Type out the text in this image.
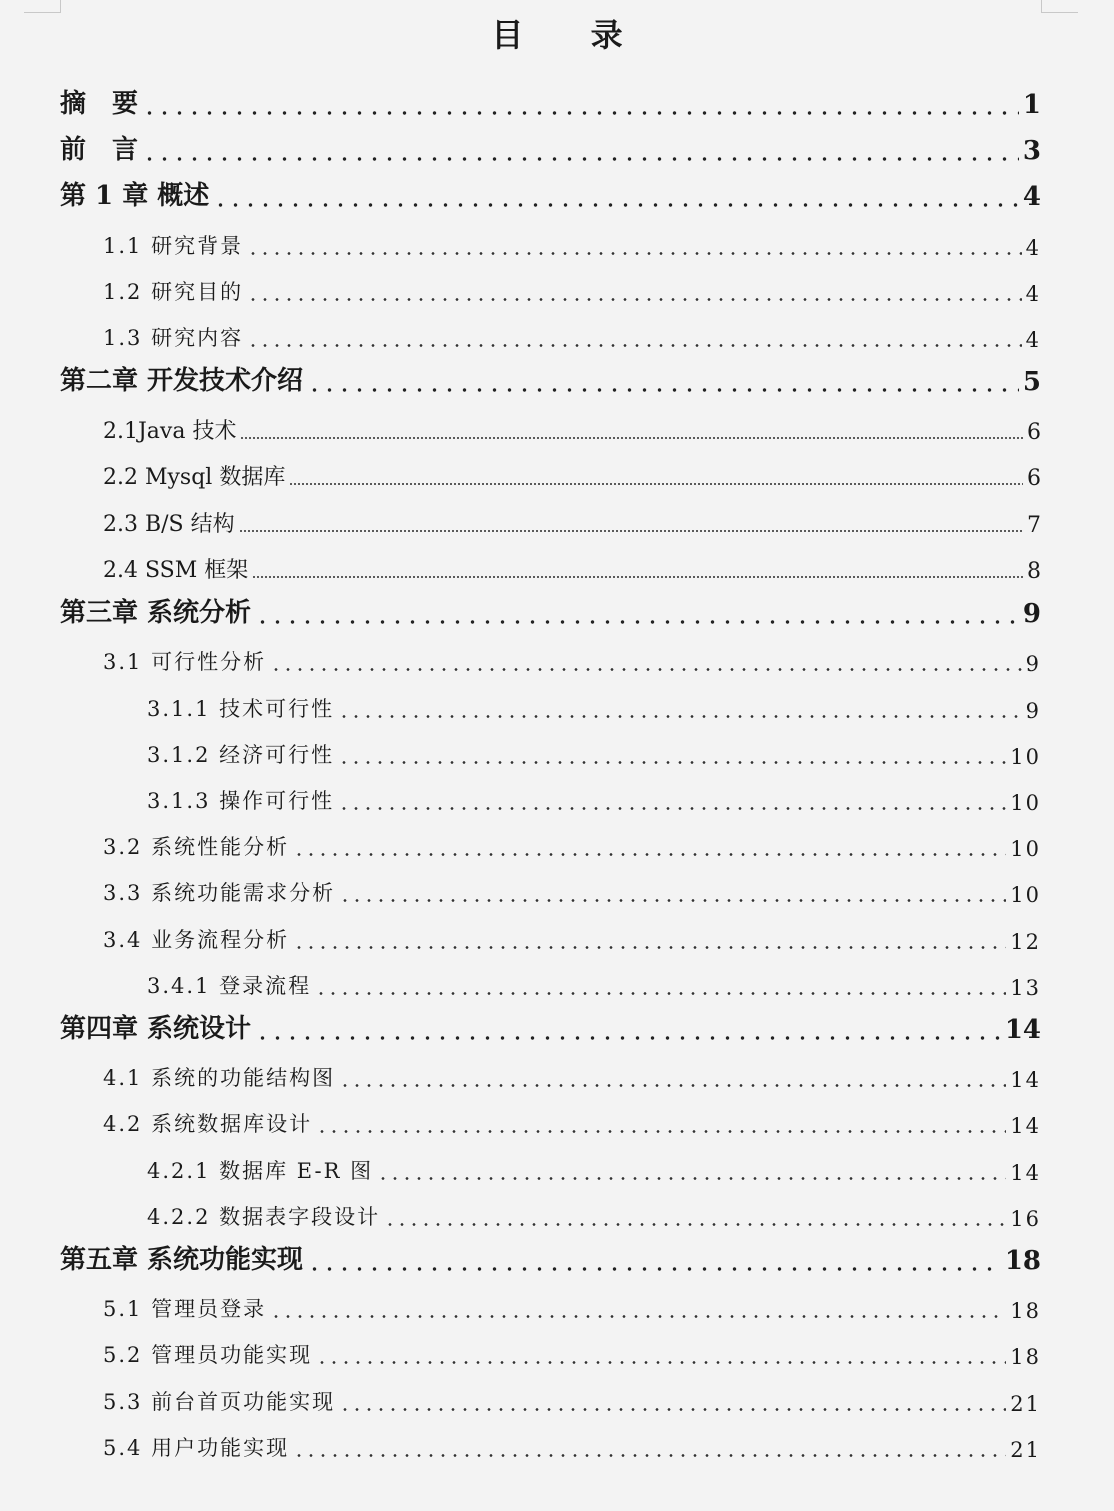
目 录
摘　要	1
前　言	3
第 1 章 概述	4
1.1 研究背景	4
1.2 研究目的	4
1.3 研究内容	4
第二章 开发技术介绍	5
2.1Java 技术	6
2.2 Mysql 数据库	6
2.3 B/S 结构	7
2.4 SSM 框架	8
第三章 系统分析	9
3.1 可行性分析	9
3.1.1 技术可行性	9
3.1.2 经济可行性	10
3.1.3 操作可行性	10
3.2 系统性能分析	10
3.3 系统功能需求分析	10
3.4 业务流程分析	12
3.4.1 登录流程	13
第四章 系统设计	14
4.1 系统的功能结构图	14
4.2 系统数据库设计	14
4.2.1 数据库 E-R 图	14
4.2.2 数据表字段设计	16
第五章 系统功能实现	18
5.1 管理员登录	18
5.2 管理员功能实现	18
5.3 前台首页功能实现	21
5.4 用户功能实现	21
